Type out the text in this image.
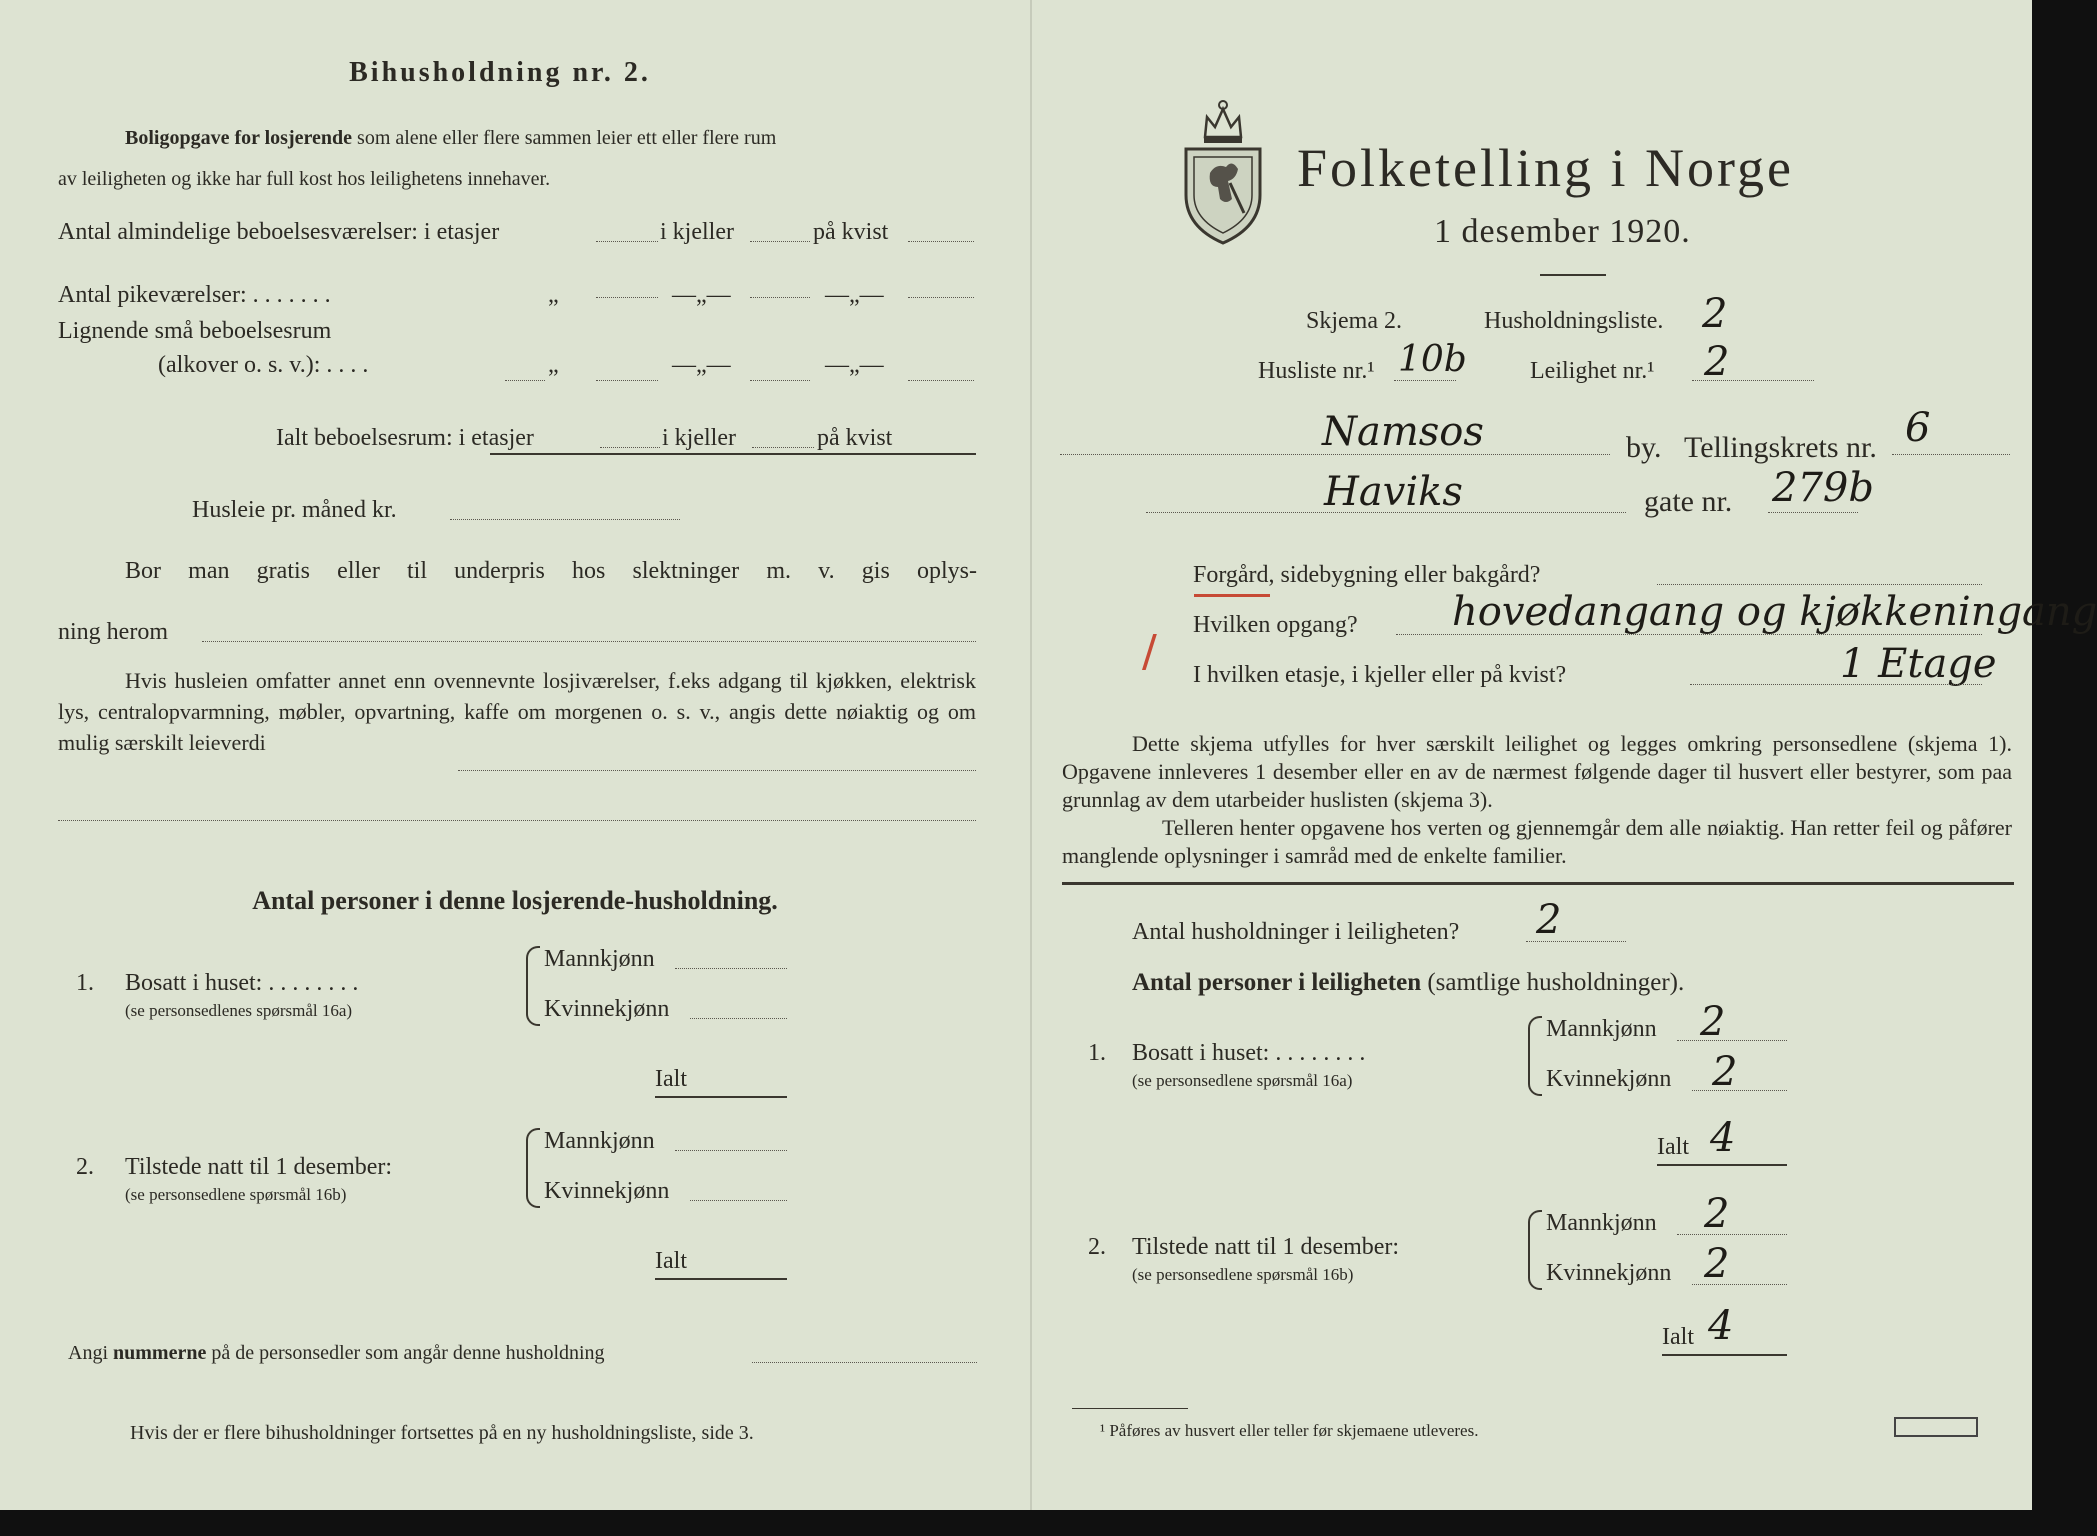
Bihusholdning nr. 2.
Boligopgave for losjerende som alene eller flere sammen leier ett eller flere rum
av leiligheten og ikke har full kost hos leilighetens innehaver.
Antal almindelige beboelsesværelser: i etasjer	i kjeller	på kvist
Antal pikeværelser: . . . . . . .	„	—„—	—„—
Lignende små beboelsesrum
(alkover o. s. v.): . . . .	„	—„—	—„—
Ialt beboelsesrum: i etasjer	i kjeller	på kvist
Husleie pr. måned kr.
Bor man gratis eller til underpris hos slektninger m. v. gis oplys-
ning herom
Hvis husleien omfatter annet enn ovennevnte losjiværelser, f.eks adgang til kjøkken, elektrisk lys, centralopvarmning, møbler, opvartning, kaffe om morgenen o. s. v., angis dette nøiaktig og om mulig særskilt leieverdi
Antal personer i denne losjerende-husholdning.
1. Bosatt i huset: . . . . . . . .
(se personsedlenes spørsmål 16a)
Mannkjønn
Kvinnekjønn
Ialt
2. Tilstede natt til 1 desember:
(se personsedlene spørsmål 16b)
Mannkjønn
Kvinnekjønn
Ialt
Angi nummerne på de personsedler som angår denne husholdning
Hvis der er flere bihusholdninger fortsettes på en ny husholdningsliste, side 3.
Folketelling i Norge
1 desember 1920.
Skjema 2.	Husholdningsliste. 2
Husliste nr.¹ 10b	Leilighet nr.¹ 2
Namsos	by. Tellingskrets nr. 6
Haviks	gate nr. 279b
Forgård, sidebygning eller bakgård?
Hvilken opgang? hovedangang og kjøkkeningang
/ I hvilken etasje, i kjeller eller på kvist?	1 Etage
Dette skjema utfylles for hver særskilt leilighet og legges omkring personsedlene (skjema 1). Opgavene innleveres 1 desember eller en av de nærmest følgende dager til husvert eller bestyrer, som paa grunnlag av dem utarbeider huslisten (skjema 3).
Telleren henter opgavene hos verten og gjennemgår dem alle nøiaktig. Han retter feil og påfører manglende oplysninger i samråd med de enkelte familier.
Antal husholdninger i leiligheten? 2
Antal personer i leiligheten (samtlige husholdninger).
1. Bosatt i huset: . . . . . . . .
(se personsedlene spørsmål 16a)
Mannkjønn 2
Kvinnekjønn 2
Ialt 4
2. Tilstede natt til 1 desember:
(se personsedlene spørsmål 16b)
Mannkjønn 2
Kvinnekjønn 2
Ialt 4
¹ Påføres av husvert eller teller før skjemaene utleveres.
